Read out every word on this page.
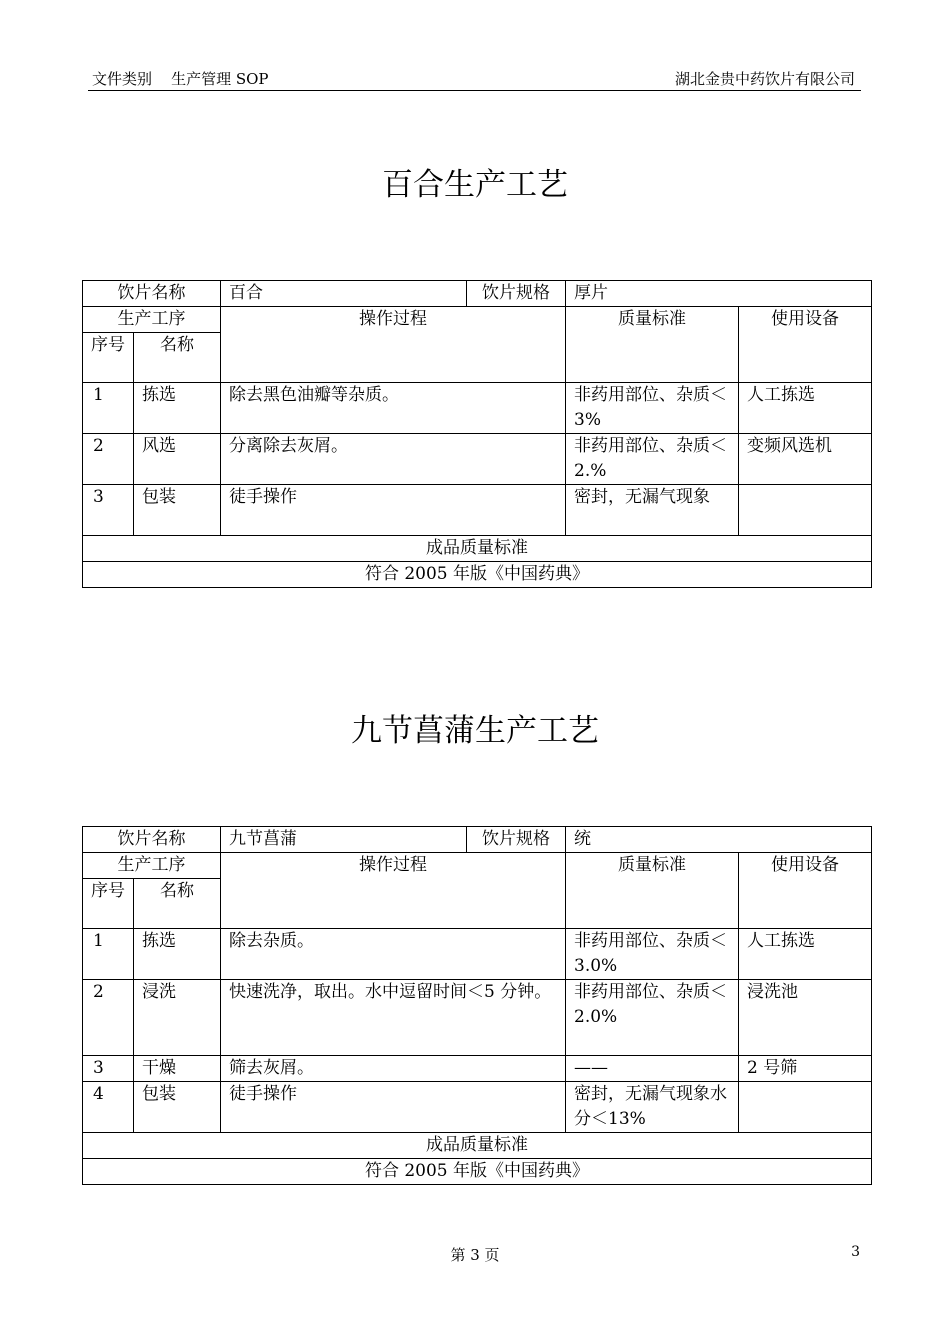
文件类别    生产管理 SOP	湖北金贵中药饮片有限公司
百合生产工艺
饮片名称		百合	饮片规格	厚片	
生产工序		操作过程		质量标准	使用设备
序号	名称				
1	拣选	除去黑色油瓣等杂质。		非药用部位、杂质＜3%	人工拣选
2	风选	分离除去灰屑。		非药用部位、杂质＜2.%	变频风选机
3	包装	徒手操作		密封，无漏气现象	
成品质量标准					
符合 2005 年版《中国药典》					
九节菖蒲生产工艺
饮片名称		九节菖蒲	饮片规格	统	
生产工序		操作过程		质量标准	使用设备
序号	名称				
1	拣选	除去杂质。		非药用部位、杂质＜3.0%	人工拣选
2	浸洗	快速洗净，取出。水中逗留时间＜5 分钟。		非药用部位、杂质＜2.0%	浸洗池
3	干燥	筛去灰屑。		——	2 号筛
4	包装	徒手操作		密封，无漏气现象水分＜13%	
成品质量标准					
符合 2005 年版《中国药典》					
第 3 页	3
